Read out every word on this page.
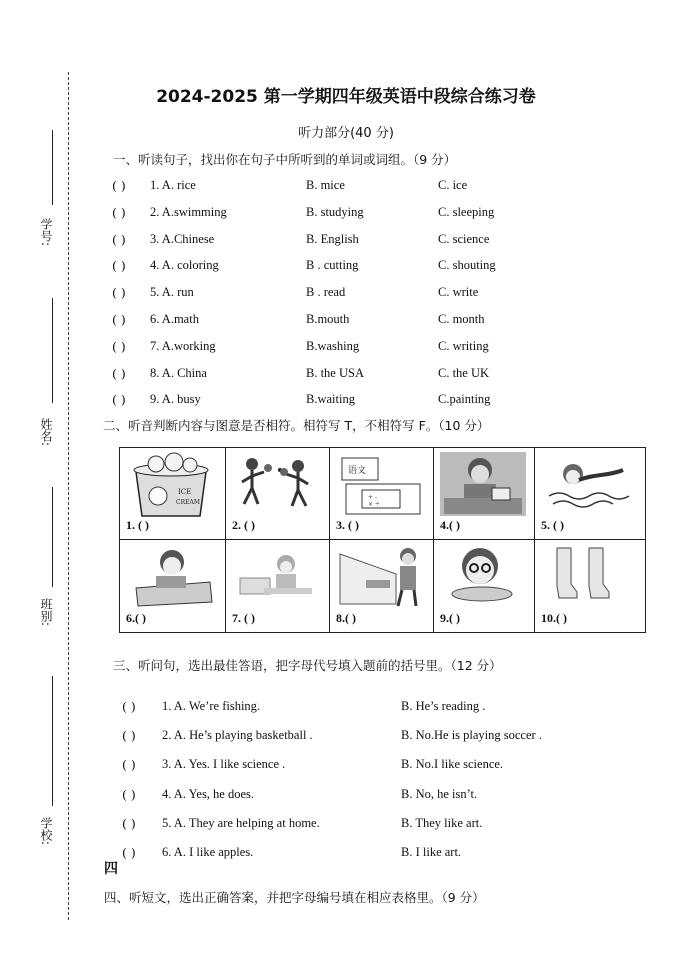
学号:
姓名:
班别:
学校:
2024-2025 第一学期四年级英语中段综合练习卷
听力部分(40 分)
一、听读句子，找出你在句子中所听到的单词或词组。（9 分）
( ) 1. A. rice	B. mice	C. ice
( ) 2. A.swimming	B. studying	C. sleeping
( ) 3. A.Chinese	B. English	C. science
( ) 4. A. coloring	B . cutting	C. shouting
( ) 5. A. run	B . read	C. write
( ) 6. A.math	B.mouth	C. month
( ) 7. A.working	B.washing	C. writing
( ) 8. A. China	B. the USA	C. the UK
( ) 9. A. busy	B.waiting	C.painting
二、听音判断内容与图意是否相符。相符写 T，不相符写 F。（10 分）
ICE
CREAM
1. ( )	2. ( )
语文
+ -
× ÷
3. ( )	4.( )	5. ( )
6.( )	7. ( )	8.( )	9.( )	10.( )
三、听问句，选出最佳答语，把字母代号填入题前的括号里。（12 分）
( ) 1. A. We’re fishing.	B. He’s reading .
( ) 2. A. He’s playing basketball .	B. No.He is playing soccer .
( ) 3. A. Yes. I like science .	B. No.I like science.
( ) 4. A. Yes, he does.	B. No, he isn’t.
( ) 5. A. They are helping at home.	B. They like art.
( ) 6. A. I like apples.	B. I like art.
四
四、听短文，选出正确答案，并把字母编号填在相应表格里。（9 分）
